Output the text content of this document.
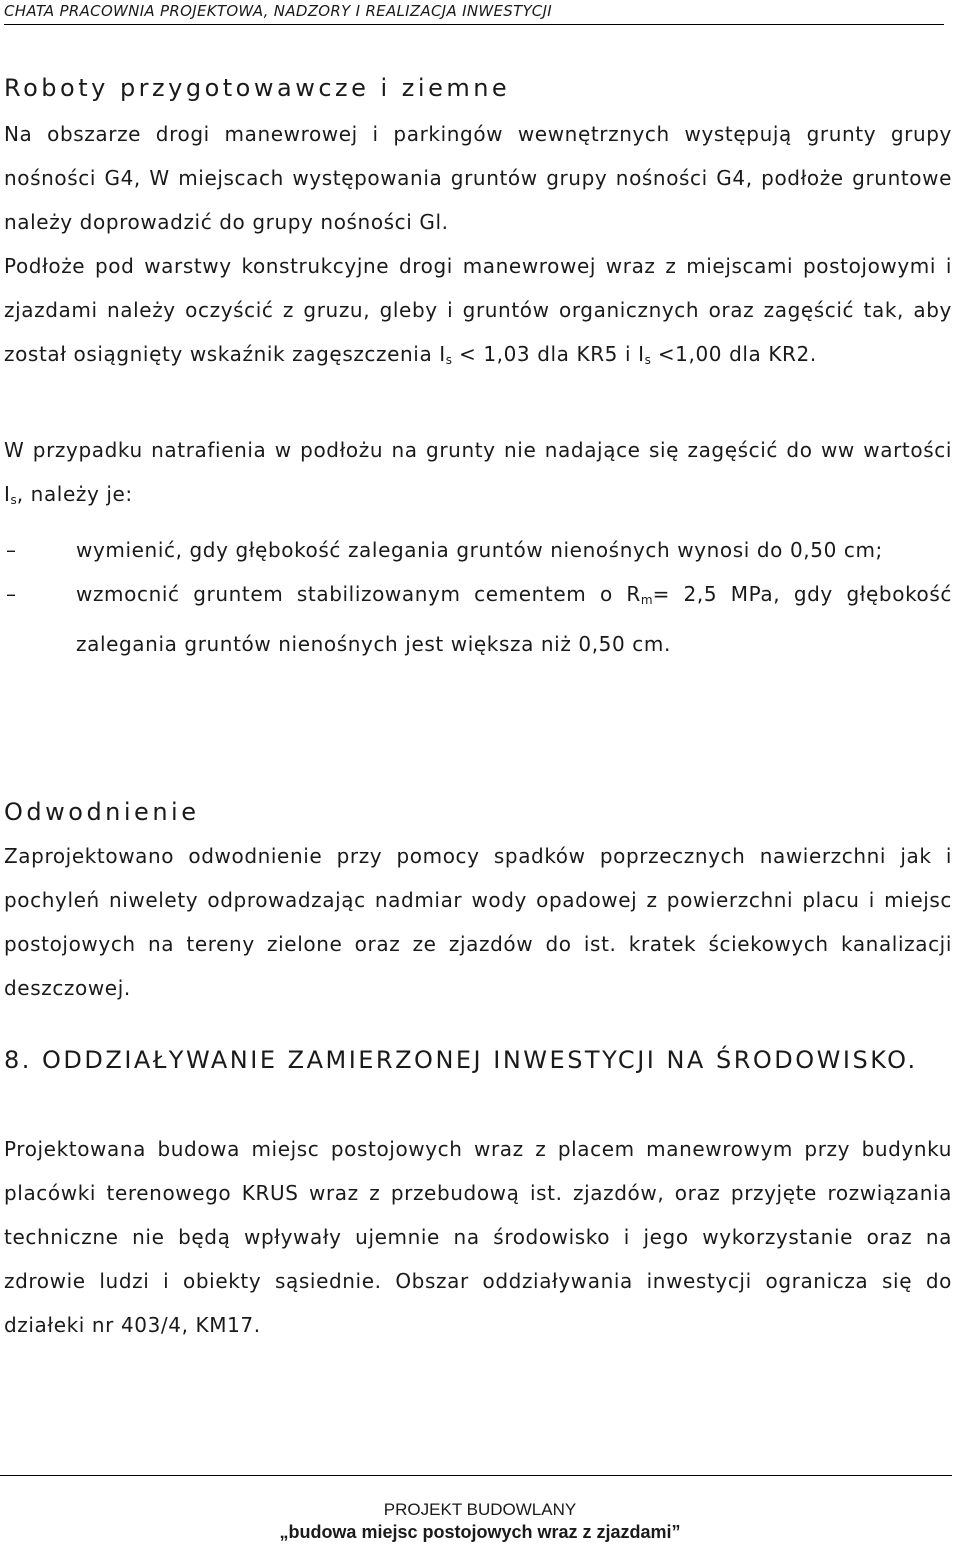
CHATA PRACOWNIA PROJEKTOWA, NADZORY I REALIZACJA INWESTYCJI
Roboty przygotowawcze i ziemne

Na obszarze drogi manewrowej i parkingów wewnętrznych występują grunty grupy nośności G4, W miejscach występowania gruntów grupy nośności G4, podłoże gruntowe należy doprowadzić do grupy nośności Gl.

Podłoże pod warstwy konstrukcyjne drogi manewrowej wraz z miejscami postojowymi i zjazdami należy oczyścić z gruzu, gleby i gruntów organicznych oraz zagęścić tak, aby został osiągnięty wskaźnik zagęszczenia $I_s < 1,03$ dla KR5 i $I_s <1,00$ dla KR2.

W przypadku natrafienia w podłożu na grunty nie nadające się zagęścić do ww wartości $I_s$, należy je:

–	wymienić, gdy głębokość zalegania gruntów nienośnych wynosi do 0,50 cm;
–	wzmocnić gruntem stabilizowanym cementem o $R_m= 2,5$ MPa, gdy głębokość zalegania gruntów nienośnych jest większa niż 0,50 cm.
Odwodnienie

Zaprojektowano odwodnienie przy pomocy spadków poprzecznych nawierzchni jak i pochyleń niwelety odprowadzając nadmiar wody opadowej z powierzchni placu i miejsc postojowych na tereny zielone oraz ze zjazdów do ist. kratek ściekowych kanalizacji deszczowej.

8. ODDZIAŁYWANIE ZAMIERZONEJ INWESTYCJI NA ŚRODOWISKO.

Projektowana budowa miejsc postojowych wraz z placem manewrowym przy budynku placówki terenowego KRUS wraz z przebudową ist. zjazdów, oraz przyjęte rozwiązania techniczne nie będą wpływały ujemnie na środowisko i jego wykorzystanie oraz na zdrowie ludzi i obiekty sąsiednie. Obszar oddziaływania inwestycji ogranicza się do działeki nr 403/4, KM17.

PROJEKT BUDOWLANY
„budowa miejsc postojowych wraz z zjazdami”
